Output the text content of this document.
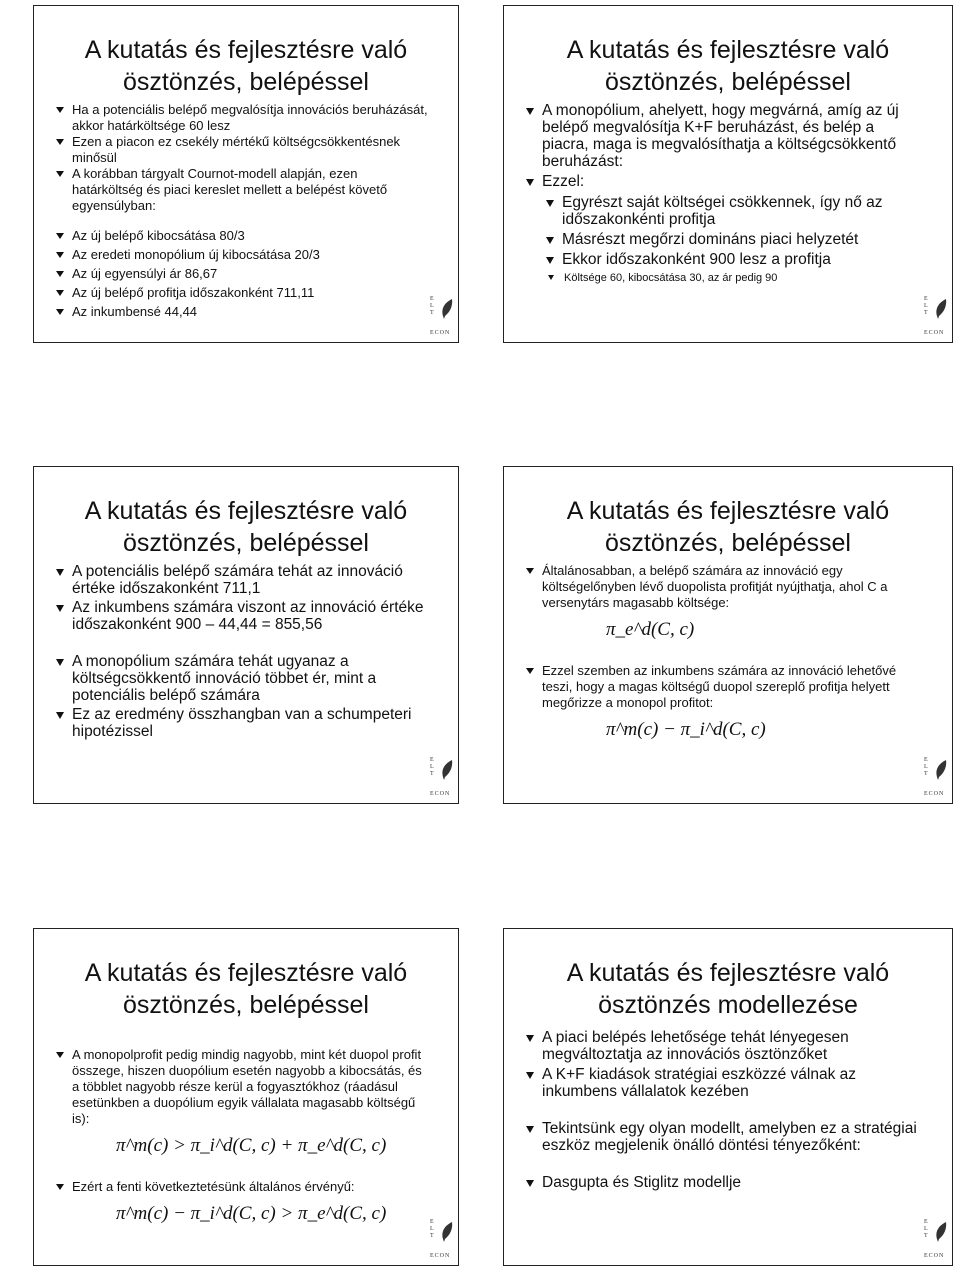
A kutatás és fejlesztésre való
ösztönzés, belépéssel
Ha a potenciális belépő megvalósítja innovációs beruházását, akkor határköltsége 60 lesz
Ezen a piacon ez csekély mértékű költségcsökkentésnek minősül
A korábban tárgyalt Cournot-modell alapján, ezen határköltség és piaci kereslet mellett a belépést követő egyensúlyban:
Az új belépő kibocsátása 80/3
Az eredeti monopólium új kibocsátása 20/3
Az új egyensúlyi ár 86,67
Az új belépő profitja időszakonként 711,11
Az inkumbensé 44,44
E
L
T
ECON
A kutatás és fejlesztésre való
ösztönzés, belépéssel
A monopólium, ahelyett, hogy megvárná, amíg az új belépő megvalósítja K+F beruházást, és belép a piacra, maga is megvalósíthatja a költségcsökkentő beruházást:
Ezzel:
Egyrészt saját költségei csökkennek, így nő az időszakonkénti profitja
Másrészt megőrzi domináns piaci helyzetét
Ekkor időszakonként 900 lesz a profitja
Költsége 60, kibocsátása 30, az ár pedig 90
E
L
T
ECON
A kutatás és fejlesztésre való
ösztönzés, belépéssel
A potenciális belépő számára tehát az innováció értéke időszakonként 711,1
Az inkumbens számára viszont az innováció értéke időszakonként 900 – 44,44 = 855,56
A monopólium számára tehát ugyanaz a költségcsökkentő innováció többet ér, mint a potenciális belépő számára
Ez az eredmény összhangban van a schumpeteri hipotézissel
E
L
T
ECON
A kutatás és fejlesztésre való
ösztönzés, belépéssel
Általánosabban, a belépő számára az innováció egy költségelőnyben lévő duopolista profitját nyújthatja, ahol C a versenytárs magasabb költsége:
π_e^d(C, c)
Ezzel szemben az inkumbens számára az innováció lehetővé teszi, hogy a magas költségű duopol szereplő profitja helyett megőrizze a monopol profitot:
π^m(c) − π_i^d(C, c)
E
L
T
ECON
A kutatás és fejlesztésre való
ösztönzés, belépéssel
A monopolprofit pedig mindig nagyobb, mint két duopol profit összege, hiszen duopólium esetén nagyobb a kibocsátás, és a többlet nagyobb része kerül a fogyasztókhoz (ráadásul esetünkben a duopólium egyik vállalata magasabb költségű is):
π^m(c) > π_i^d(C, c) + π_e^d(C, c)
Ezért a fenti következtetésünk általános érvényű:
π^m(c) − π_i^d(C, c) > π_e^d(C, c)	E
L
T
ECON
A kutatás és fejlesztésre való
ösztönzés modellezése
A piaci belépés lehetősége tehát lényegesen megváltoztatja az innovációs ösztönzőket
A K+F kiadások stratégiai eszközzé válnak az inkumbens vállalatok kezében
Tekintsünk egy olyan modellt, amelyben ez a stratégiai eszköz megjelenik önálló döntési tényezőként:
Dasgupta és Stiglitz modellje
E
L
T
ECON
